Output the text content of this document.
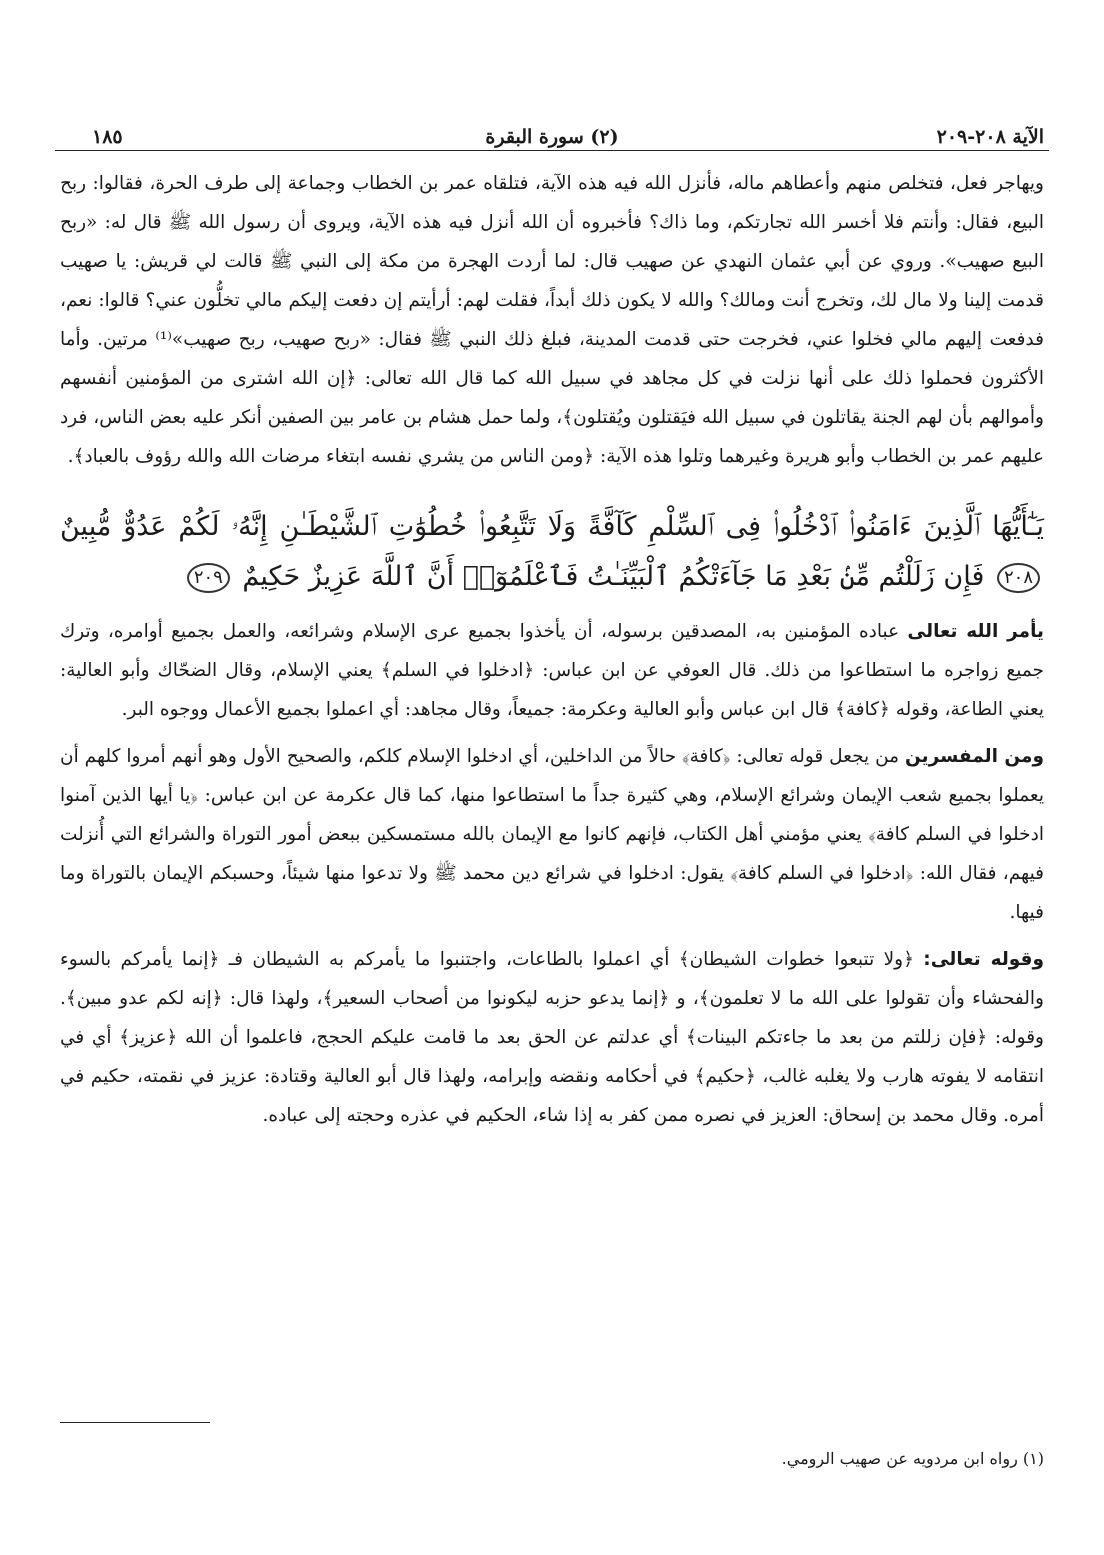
الآية ٢٠٨-٢٠٩
(٢) سورة البقرة
١٨٥

ويهاجر فعل، فتخلص منهم وأعطاهم ماله، فأنزل الله فيه هذه الآية، فتلقاه عمر بن الخطاب وجماعة إلى طرف الحرة، فقالوا: ربح البيع، فقال: وأنتم فلا أخسر الله تجارتكم، وما ذاك؟ فأخبروه أن الله أنزل فيه هذه الآية، ويروى أن رسول الله ﷺ قال له: «ربح البيع صهيب». وروي عن أبي عثمان النهدي عن صهيب قال: لما أردت الهجرة من مكة إلى النبي ﷺ قالت لي قريش: يا صهيب قدمت إلينا ولا مال لك، وتخرج أنت ومالك؟ والله لا يكون ذلك أبداً، فقلت لهم: أرأيتم إن دفعت إليكم مالي تخلُّون عني؟ قالوا: نعم، فدفعت إليهم مالي فخلوا عني، فخرجت حتى قدمت المدينة، فبلغ ذلك النبي ﷺ فقال: «ربح صهيب، ربح صهيب»⁽¹⁾ مرتين. وأما الأكثرون فحملوا ذلك على أنها نزلت في كل مجاهد في سبيل الله كما قال الله تعالى: ﴿إن الله اشترى من المؤمنين أنفسهم وأموالهم بأن لهم الجنة يقاتلون في سبيل الله فيَقتلون ويُقتلون﴾، ولما حمل هشام بن عامر بين الصفين أنكر عليه بعض الناس، فرد عليهم عمر بن الخطاب وأبو هريرة وغيرهما وتلوا هذه الآية: ﴿ومن الناس من يشري نفسه ابتغاء مرضات الله والله رؤوف بالعباد﴾.

يَـٰٓأَيُّهَا ٱلَّذِينَ ءَامَنُوا۟ ٱدْخُلُوا۟ فِى ٱلسِّلْمِ كَآفَّةً وَلَا تَتَّبِعُوا۟ خُطُوَٰتِ ٱلشَّيْطَـٰنِ إِنَّهُۥ لَكُمْ عَدُوٌّ مُّبِينٌ ٢٠٨ فَإِن زَلَلْتُم مِّنۢ بَعْدِ مَا جَآءَتْكُمُ ٱلْبَيِّنَـٰتُ فَٱعْلَمُوٓا۟ أَنَّ ٱللَّهَ عَزِيزٌ حَكِيمٌ ٢٠٩

يأمر الله تعالى عباده المؤمنين به، المصدقين برسوله، أن يأخذوا بجميع عرى الإسلام وشرائعه، والعمل بجميع أوامره، وترك جميع زواجره ما استطاعوا من ذلك. قال العوفي عن ابن عباس: ﴿ادخلوا في السلم﴾ يعني الإسلام، وقال الضحّاك وأبو العالية: يعني الطاعة، وقوله ﴿كافة﴾ قال ابن عباس وأبو العالية وعكرمة: جميعاً، وقال مجاهد: أي اعملوا بجميع الأعمال ووجوه البر.

ومن المفسرين من يجعل قوله تعالى: ﴿كافة﴾ حالاً من الداخلين، أي ادخلوا الإسلام كلكم، والصحيح الأول وهو أنهم أمروا كلهم أن يعملوا بجميع شعب الإيمان وشرائع الإسلام، وهي كثيرة جداً ما استطاعوا منها، كما قال عكرمة عن ابن عباس: ﴿يا أيها الذين آمنوا ادخلوا في السلم كافة﴾ يعني مؤمني أهل الكتاب، فإنهم كانوا مع الإيمان بالله مستمسكين ببعض أمور التوراة والشرائع التي أُنزلت فيهم، فقال الله: ﴿ادخلوا في السلم كافة﴾ يقول: ادخلوا في شرائع دين محمد ﷺ ولا تدعوا منها شيئاً، وحسبكم الإيمان بالتوراة وما فيها.

وقوله تعالى: ﴿ولا تتبعوا خطوات الشيطان﴾ أي اعملوا بالطاعات، واجتنبوا ما يأمركم به الشيطان فـ ﴿إنما يأمركم بالسوء والفحشاء وأن تقولوا على الله ما لا تعلمون﴾، و ﴿إنما يدعو حزبه ليكونوا من أصحاب السعير﴾، ولهذا قال: ﴿إنه لكم عدو مبين﴾. وقوله: ﴿فإن زللتم من بعد ما جاءتكم البينات﴾ أي عدلتم عن الحق بعد ما قامت عليكم الحجج، فاعلموا أن الله ﴿عزيز﴾ أي في انتقامه لا يفوته هارب ولا يغلبه غالب، ﴿حكيم﴾ في أحكامه ونقضه وإبرامه، ولهذا قال أبو العالية وقتادة: عزيز في نقمته، حكيم في أمره. وقال محمد بن إسحاق: العزيز في نصره ممن كفر به إذا شاء، الحكيم في عذره وحجته إلى عباده.

(١) رواه ابن مردويه عن صهيب الرومي.
